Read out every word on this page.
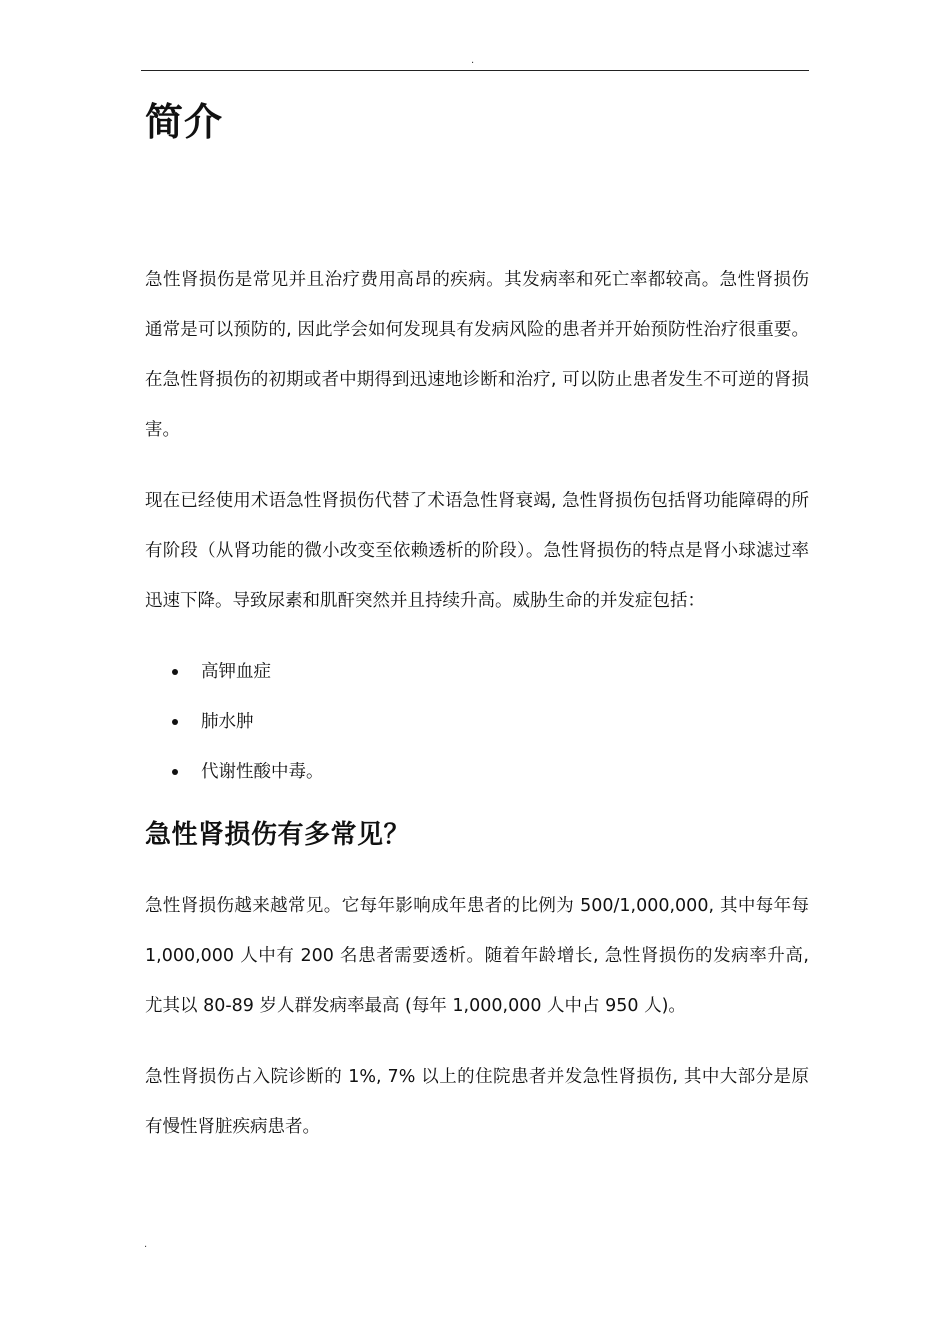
.
简介

急性肾损伤是常见并且治疗费用高昂的疾病。其发病率和死亡率都较高。急性肾损伤通常是可以预防的, 因此学会如何发现具有发病风险的患者并开始预防性治疗很重要。在急性肾损伤的初期或者中期得到迅速地诊断和治疗, 可以防止患者发生不可逆的肾损害。

现在已经使用术语急性肾损伤代替了术语急性肾衰竭, 急性肾损伤包括肾功能障碍的所有阶段（从肾功能的微小改变至依赖透析的阶段）。急性肾损伤的特点是肾小球滤过率迅速下降。导致尿素和肌酐突然并且持续升高。威胁生命的并发症包括：

高钾血症
肺水肿
代谢性酸中毒。
急性肾损伤有多常见？

急性肾损伤越来越常见。它每年影响成年患者的比例为 500/1,000,000, 其中每年每 1,000,000 人中有 200 名患者需要透析。随着年龄增长, 急性肾损伤的发病率升高, 尤其以 80-89 岁人群发病率最高 (每年 1,000,000 人中占 950 人)。

急性肾损伤占入院诊断的 1%, 7% 以上的住院患者并发急性肾损伤, 其中大部分是原有慢性肾脏疾病患者。

.
